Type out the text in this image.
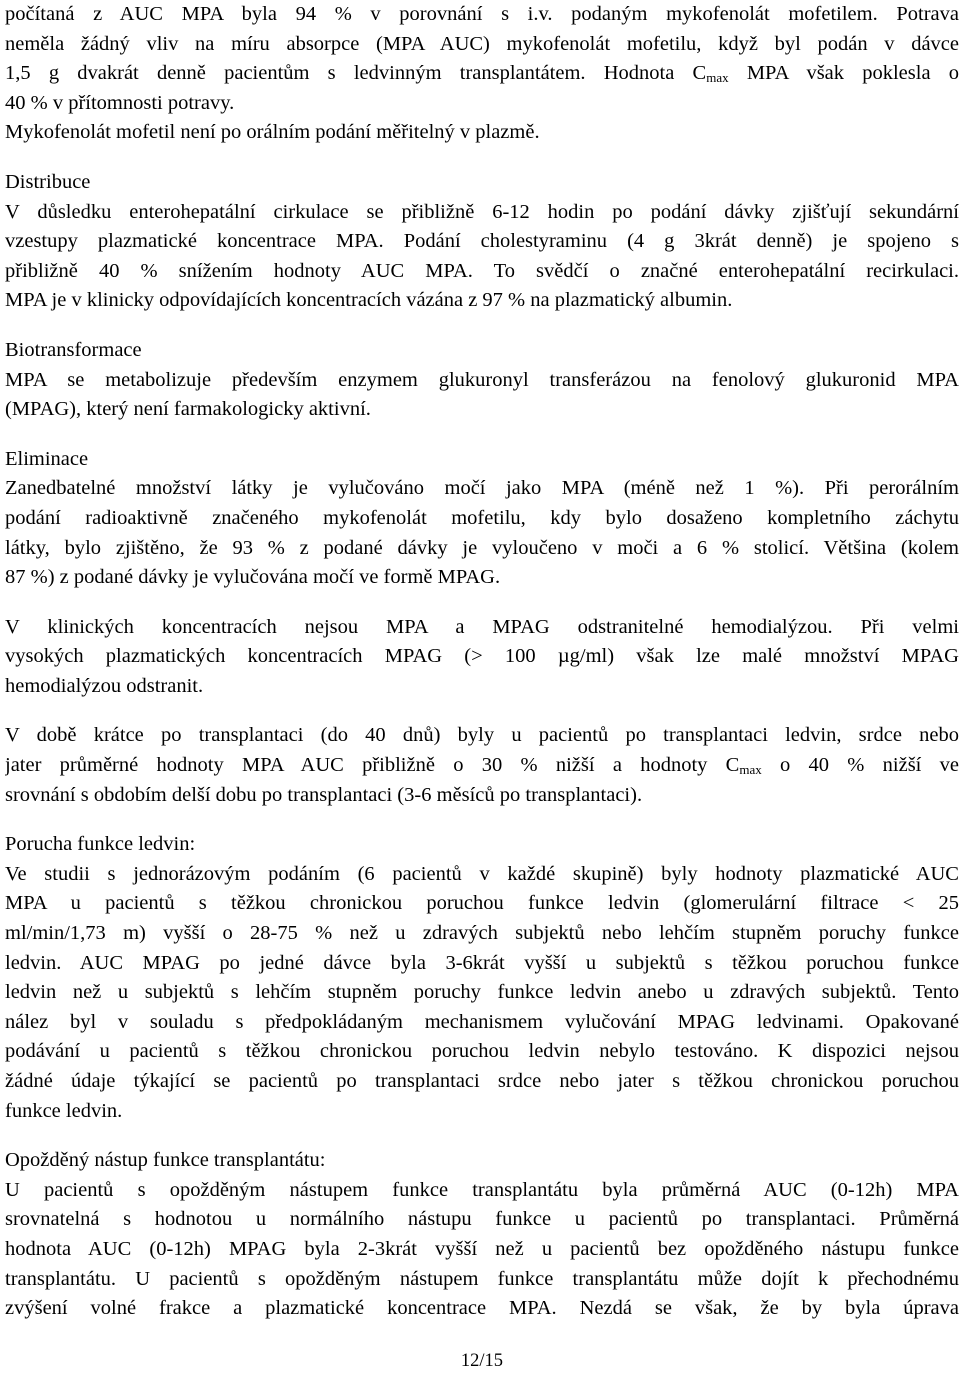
počítaná z AUC MPA byla 94 % v porovnání s i.v. podaným mykofenolát mofetilem. Potrava
neměla žádný vliv na míru absorpce (MPA AUC) mykofenolát mofetilu, když byl podán v dávce
1,5 g dvakrát denně pacientům s ledvinným transplantátem. Hodnota $C_{max}$ MPA však poklesla o
40 % v přítomnosti potravy.
Mykofenolát mofetil není po orálním podání měřitelný v plazmě.
Distribuce
V důsledku enterohepatální cirkulace se přibližně 6-12 hodin po podání dávky zjišťují sekundární
vzestupy plazmatické koncentrace MPA. Podání cholestyraminu (4 g 3krát denně) je spojeno s
přibližně 40 % snížením hodnoty AUC MPA. To svědčí o značné enterohepatální recirkulaci.
MPA je v klinicky odpovídajících koncentracích vázána z 97 % na plazmatický albumin.
Biotransformace
MPA se metabolizuje především enzymem glukuronyl transferázou na fenolový glukuronid MPA
(MPAG), který není farmakologicky aktivní.
Eliminace
Zanedbatelné množství látky je vylučováno močí jako MPA (méně než 1 %). Při perorálním
podání radioaktivně značeného mykofenolát mofetilu, kdy bylo dosaženo kompletního záchytu
látky, bylo zjištěno, že 93 % z podané dávky je vyloučeno v moči a 6 % stolicí. Většina (kolem
87 %) z podané dávky je vylučována močí ve formě MPAG.
V klinických koncentracích nejsou MPA a MPAG odstranitelné hemodialýzou. Při velmi
vysokých plazmatických koncentracích MPAG (> 100 µg/ml) však lze malé množství MPAG
hemodialýzou odstranit.
V době krátce po transplantaci (do 40 dnů) byly u pacientů po transplantaci ledvin, srdce nebo
jater průměrné hodnoty MPA AUC přibližně o 30 % nižší a hodnoty $C_{max}$ o 40 % nižší ve
srovnání s obdobím delší dobu po transplantaci (3-6 měsíců po transplantaci).
Porucha funkce ledvin:
Ve studii s jednorázovým podáním (6 pacientů v každé skupině) byly hodnoty plazmatické AUC
MPA u pacientů s těžkou chronickou poruchou funkce ledvin (glomerulární filtrace < 25
ml/min/1,73 m) vyšší o 28-75 % než u zdravých subjektů nebo lehčím stupněm poruchy funkce
ledvin. AUC MPAG po jedné dávce byla 3-6krát vyšší u subjektů s těžkou poruchou funkce
ledvin než u subjektů s lehčím stupněm poruchy funkce ledvin anebo u zdravých subjektů. Tento
nález byl v souladu s předpokládaným mechanismem vylučování MPAG ledvinami. Opakované
podávání u pacientů s těžkou chronickou poruchou ledvin nebylo testováno. K dispozici nejsou
žádné údaje týkající se pacientů po transplantaci srdce nebo jater s těžkou chronickou poruchou
funkce ledvin.
Opožděný nástup funkce transplantátu:
U pacientů s opožděným nástupem funkce transplantátu byla průměrná AUC (0-12h) MPA
srovnatelná s hodnotou u normálního nástupu funkce u pacientů po transplantaci. Průměrná
hodnota AUC (0-12h) MPAG byla 2-3krát vyšší než u pacientů bez opožděného nástupu funkce
transplantátu. U pacientů s opožděným nástupem funkce transplantátu může dojít k přechodnému
zvýšení volné frakce a plazmatické koncentrace MPA. Nezdá se však, že by byla úprava
12/15
